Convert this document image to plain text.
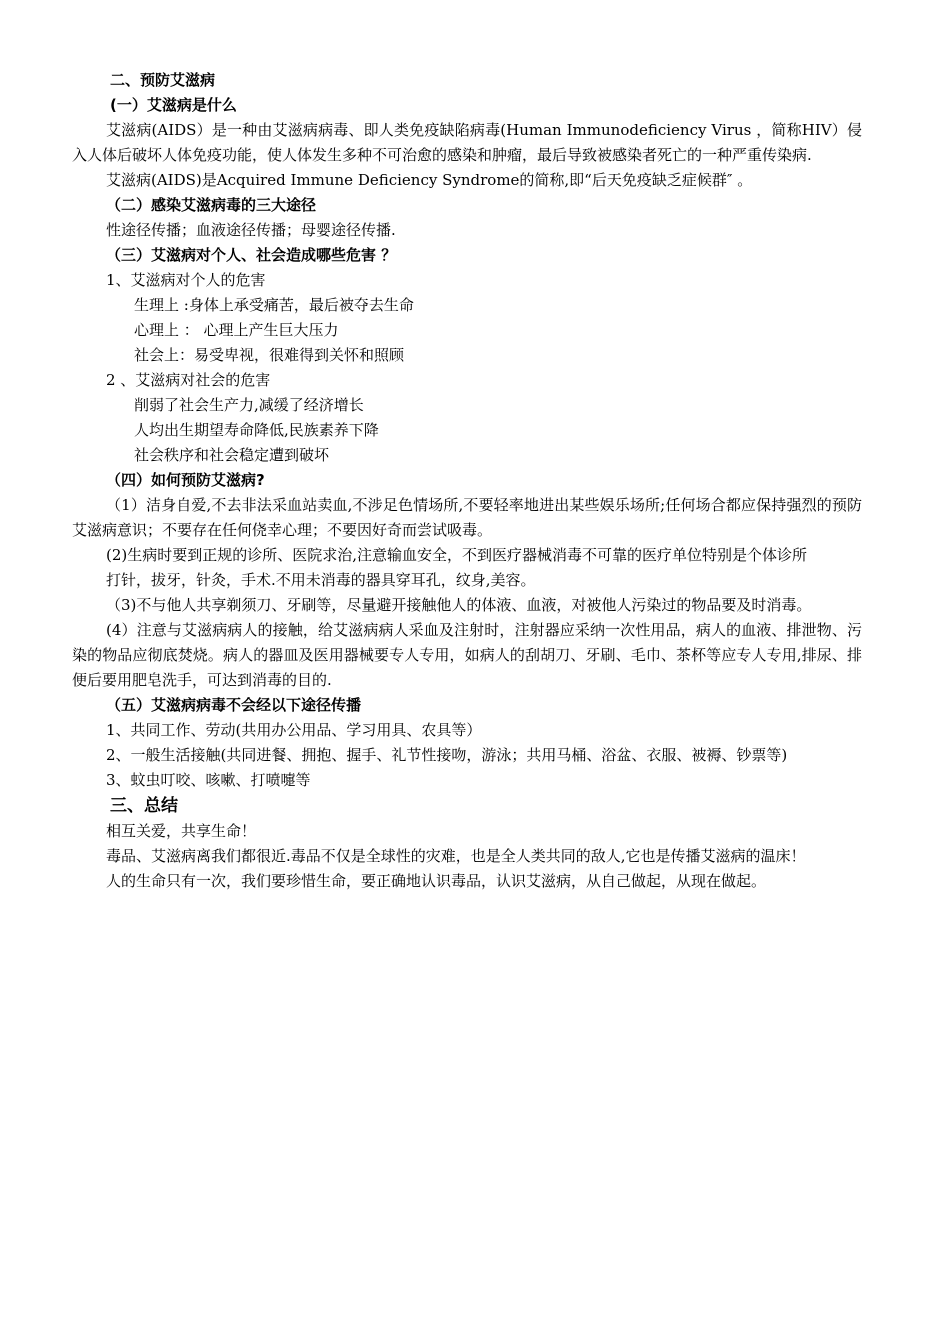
二、预防艾滋病
(一）艾滋病是什么
艾滋病(AIDS）是一种由艾滋病病毒、即人类免疫缺陷病毒(Human Immunodeficiency Virus ，简称HIV）侵入人体后破坏人体免疫功能，使人体发生多种不可治愈的感染和肿瘤，最后导致被感染者死亡的一种严重传染病.
艾滋病(AIDS)是Acquired Immune Deficiency Syndrome的简称,即“后天免疫缺乏症候群″ 。
（二）感染艾滋病毒的三大途径
性途径传播；血液途径传播；母婴途径传播.
（三）艾滋病对个人、社会造成哪些危害 ？
1、艾滋病对个人的危害
生理上 :身体上承受痛苦，最后被夺去生命
心理上 ： 心理上产生巨大压力
社会上：易受卑视，很难得到关怀和照顾
2 、艾滋病对社会的危害
削弱了社会生产力,减缓了经济增长
人均出生期望寿命降低,民族素养下降
社会秩序和社会稳定遭到破坏
（四）如何预防艾滋病?
（1）洁身自爱,不去非法采血站卖血,不涉足色情场所,不要轻率地进出某些娱乐场所;任何场合都应保持强烈的预防艾滋病意识；不要存在任何侥幸心理；不要因好奇而尝试吸毒。
(2)生病时要到正规的诊所、医院求治,注意输血安全，不到医疗器械消毒不可靠的医疗单位特别是个体诊所
打针，拔牙，针灸，手术.不用未消毒的器具穿耳孔，纹身,美容。
（3)不与他人共享剃须刀、牙刷等，尽量避开接触他人的体液、血液，对被他人污染过的物品要及时消毒。
(4）注意与艾滋病病人的接触，给艾滋病病人采血及注射时，注射器应采纳一次性用品，病人的血液、排泄物、污染的物品应彻底焚烧。病人的器皿及医用器械要专人专用，如病人的刮胡刀、牙刷、毛巾、茶杯等应专人专用,排尿、排便后要用肥皂洗手，可达到消毒的目的.
（五）艾滋病病毒不会经以下途径传播
1、共同工作、劳动(共用办公用品、学习用具、农具等）
2、一般生活接触(共同进餐、拥抱、握手、礼节性接吻，游泳；共用马桶、浴盆、衣服、被褥、钞票等)
3、蚊虫叮咬、咳嗽、打喷嚏等
三、总结
相互关爱，共享生命！
毒品、艾滋病离我们都很近.毒品不仅是全球性的灾难，也是全人类共同的敌人,它也是传播艾滋病的温床！
人的生命只有一次，我们要珍惜生命，要正确地认识毒品，认识艾滋病，从自己做起，从现在做起。
